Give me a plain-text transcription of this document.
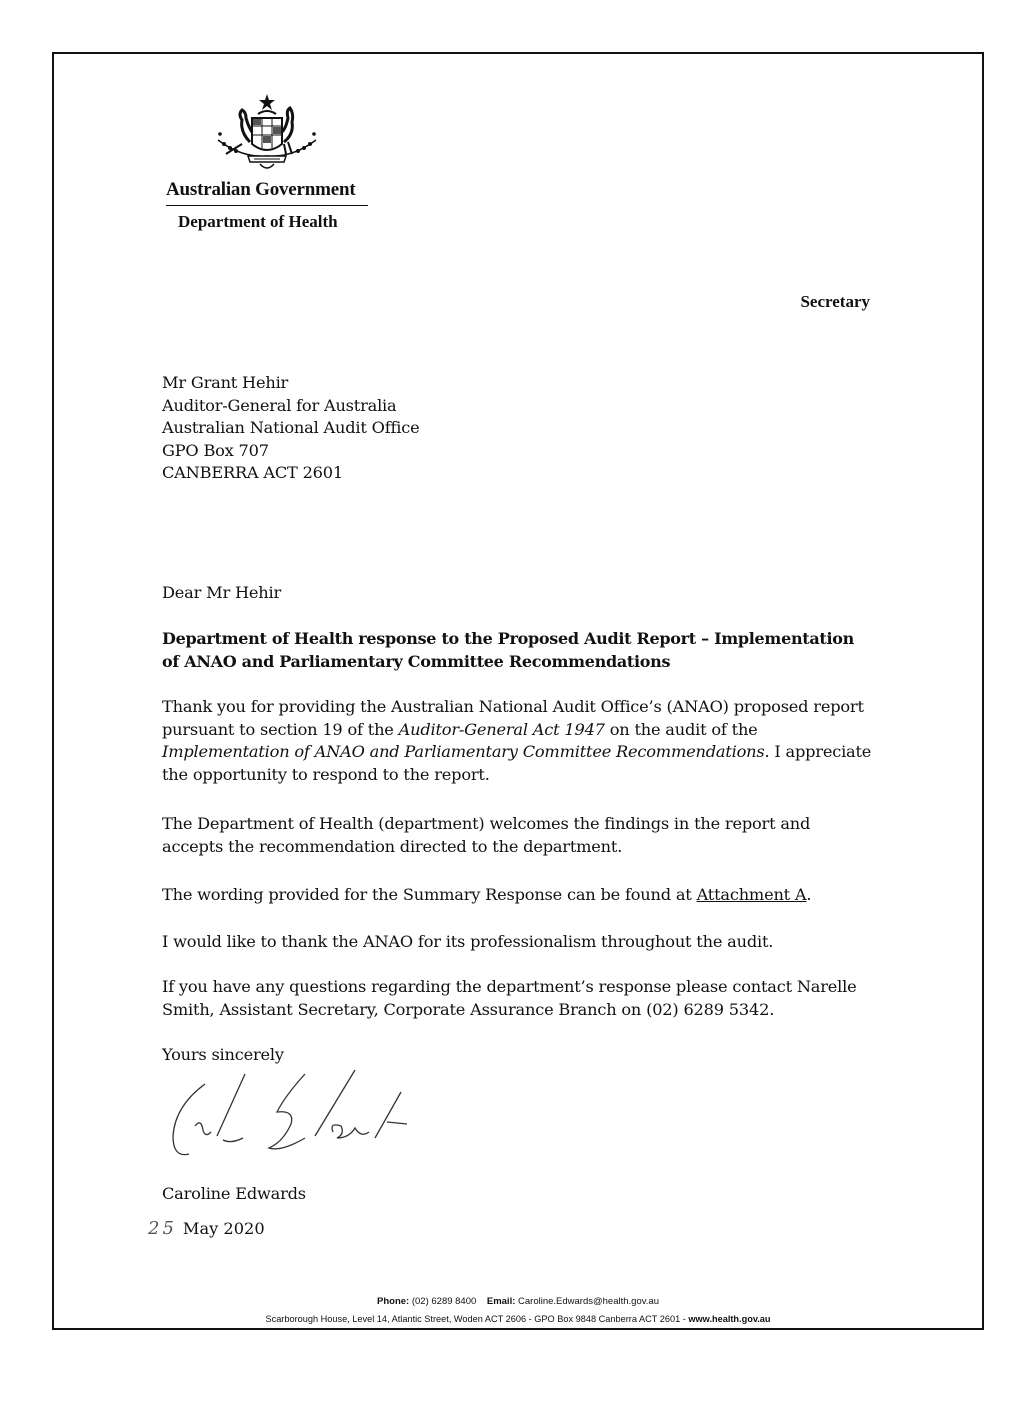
Australian Government
Department of Health
Secretary
Mr Grant Hehir
Auditor-General for Australia
Australian National Audit Office
GPO Box 707
CANBERRA ACT 2601
Dear Mr Hehir
Department of Health response to the Proposed Audit Report – Implementation of ANAO and Parliamentary Committee Recommendations

Thank you for providing the Australian National Audit Office’s (ANAO) proposed report pursuant to section 19 of the Auditor-General Act 1947 on the audit of the Implementation of ANAO and Parliamentary Committee Recommendations. I appreciate the opportunity to respond to the report.

The Department of Health (department) welcomes the findings in the report and accepts the recommendation directed to the department.

The wording provided for the Summary Response can be found at Attachment A.

I would like to thank the ANAO for its professionalism throughout the audit.

If you have any questions regarding the department’s response please contact Narelle Smith, Assistant Secretary, Corporate Assurance Branch on (02) 6289 5342.

Yours sincerely
Caroline Edwards
25 May 2020
Phone: (02) 6289 8400 Email: Caroline.Edwards@health.gov.au
Scarborough House, Level 14, Atlantic Street, Woden ACT 2606 - GPO Box 9848 Canberra ACT 2601 - www.health.gov.au
